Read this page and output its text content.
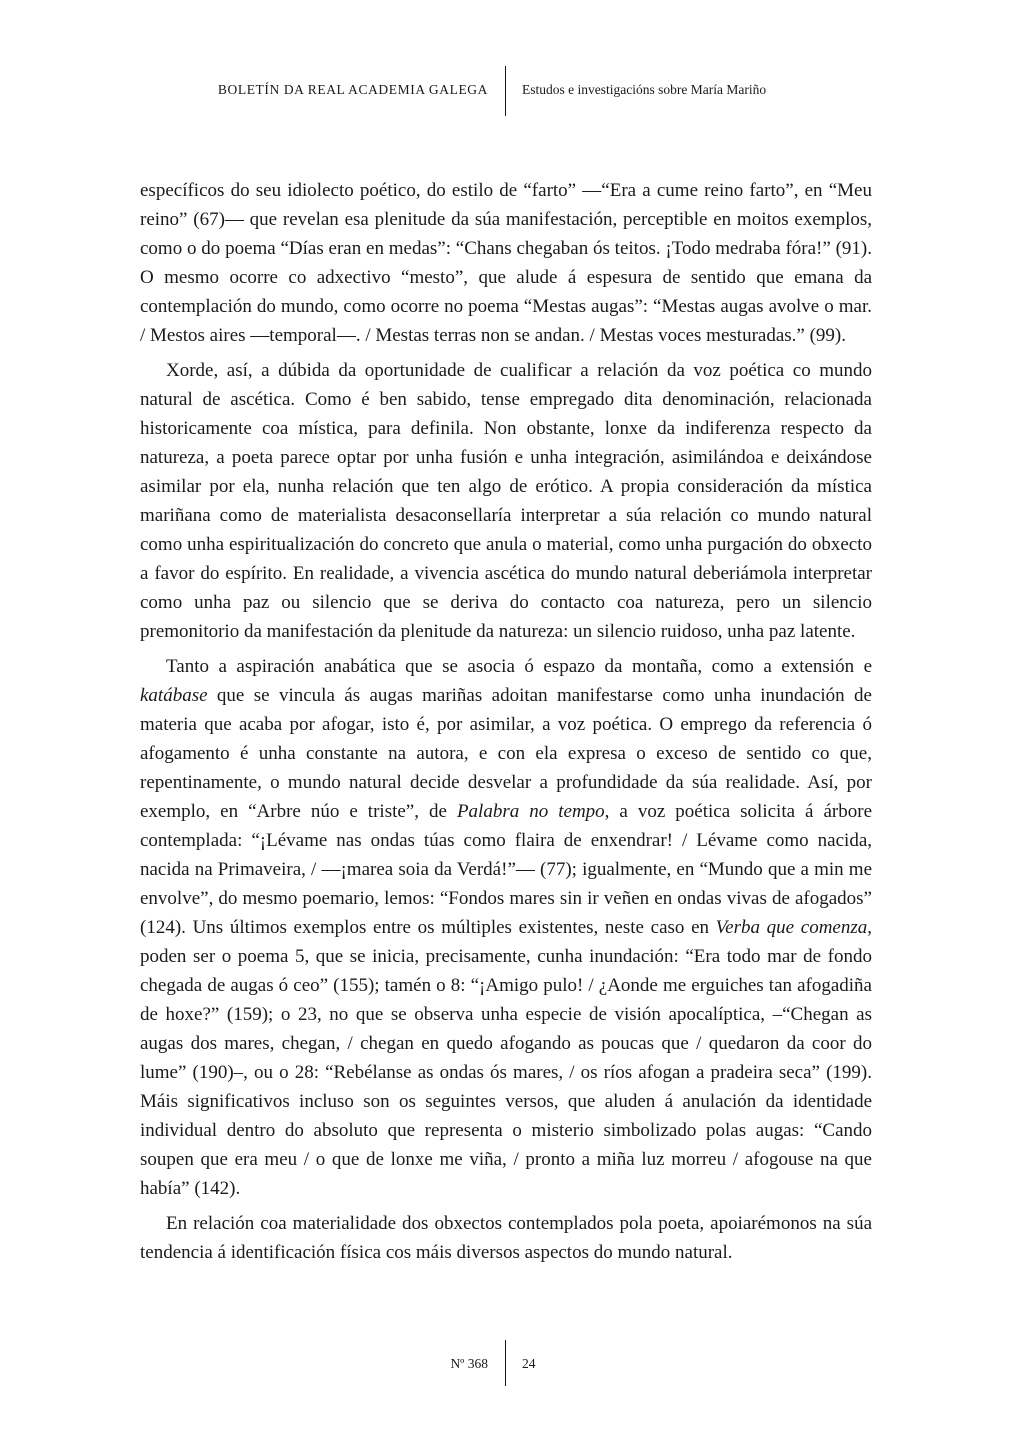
BOLETÍN DA REAL ACADEMIA GALEGA	Estudos e investigacións sobre María Mariño

específicos do seu idiolecto poético, do estilo de “farto” —“Era a cume reino farto”, en “Meu reino” (67)— que revelan esa plenitude da súa manifestación, perceptible en moitos exemplos, como o do poema “Días eran en medas”: “Chans chegaban ós teitos. ¡Todo medraba fóra!” (91). O mesmo ocorre co adxectivo “mesto”, que alude á espesura de sentido que emana da contemplación do mundo, como ocorre no poema “Mestas augas”: “Mestas augas avolve o mar. / Mestos aires —temporal—. / Mestas terras non se andan. / Mestas voces mesturadas.” (99).

Xorde, así, a dúbida da oportunidade de cualificar a relación da voz poética co mundo natural de ascética. Como é ben sabido, tense empregado dita denominación, relacionada historicamente coa mística, para definila. Non obstante, lonxe da indiferenza respecto da natureza, a poeta parece optar por unha fusión e unha integración, asimilándoa e deixándose asimilar por ela, nunha relación que ten algo de erótico. A propia consideración da mística mariñana como de materialista desaconsellaría interpretar a súa relación co mundo natural como unha espiritualización do concreto que anula o material, como unha purgación do obxecto a favor do espírito. En realidade, a vivencia ascética do mundo natural deberiámola interpretar como unha paz ou silencio que se deriva do contacto coa natureza, pero un silencio premonitorio da manifestación da plenitude da natureza: un silencio ruidoso, unha paz latente.

Tanto a aspiración anabática que se asocia ó espazo da montaña, como a extensión e katábase que se vincula ás augas mariñas adoitan manifestarse como unha inundación de materia que acaba por afogar, isto é, por asimilar, a voz poética. O emprego da referencia ó afogamento é unha constante na autora, e con ela expresa o exceso de sentido co que, repentinamente, o mundo natural decide desvelar a profundidade da súa realidade. Así, por exemplo, en “Arbre núo e triste”, de Palabra no tempo, a voz poética solicita á árbore contemplada: “¡Lévame nas ondas túas como flaira de enxendrar! / Lévame como nacida, nacida na Primaveira, / —¡marea soia da Verdá!”— (77); igualmente, en “Mundo que a min me envolve”, do mesmo poemario, lemos: “Fondos mares sin ir veñen en ondas vivas de afogados” (124). Uns últimos exemplos entre os múltiples existentes, neste caso en Verba que comenza, poden ser o poema 5, que se inicia, precisamente, cunha inundación: “Era todo mar de fondo chegada de augas ó ceo” (155); tamén o 8: “¡Amigo pulo! / ¿Aonde me erguiches tan afogadiña de hoxe?” (159); o 23, no que se observa unha especie de visión apocalíptica, –“Chegan as augas dos mares, chegan, / chegan en quedo afogando as poucas que / quedaron da coor do lume” (190)–, ou o 28: “Rebélanse as ondas ós mares, / os ríos afogan a pradeira seca” (199). Máis significativos incluso son os seguintes versos, que aluden á anulación da identidade individual dentro do absoluto que representa o misterio simbolizado polas augas: “Cando soupen que era meu / o que de lonxe me viña, / pronto a miña luz morreu / afogouse na que había” (142).

En relación coa materialidade dos obxectos contemplados pola poeta, apoiarémonos na súa tendencia á identificación física cos máis diversos aspectos do mundo natural.

Nº 368	24
